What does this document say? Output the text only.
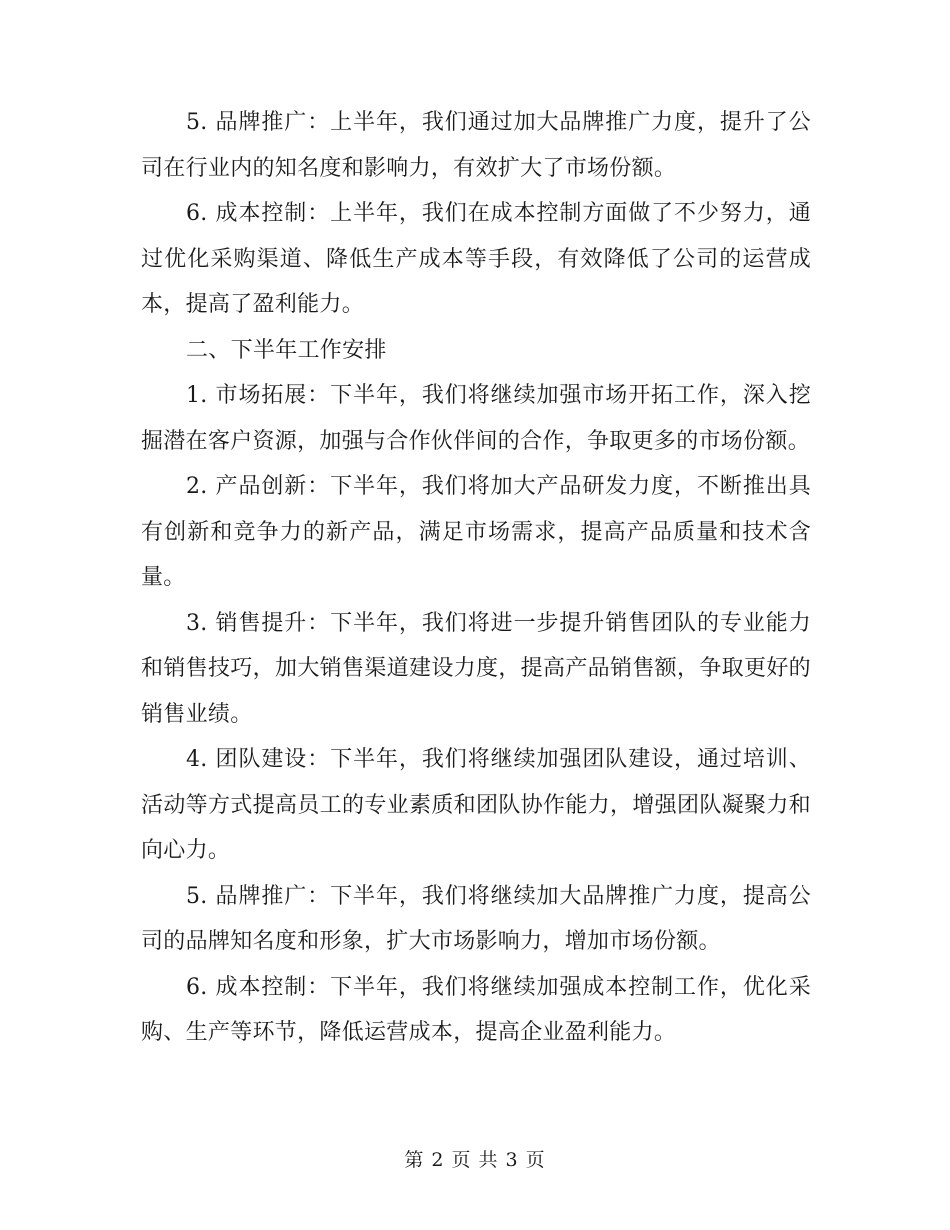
5. 品牌推广：上半年，我们通过加大品牌推广力度，提升了公司在行业内的知名度和影响力，有效扩大了市场份额。

6. 成本控制：上半年，我们在成本控制方面做了不少努力，通过优化采购渠道、降低生产成本等手段，有效降低了公司的运营成本，提高了盈利能力。

二、下半年工作安排

1. 市场拓展：下半年，我们将继续加强市场开拓工作，深入挖掘潜在客户资源，加强与合作伙伴间的合作，争取更多的市场份额。

2. 产品创新：下半年，我们将加大产品研发力度，不断推出具有创新和竞争力的新产品，满足市场需求，提高产品质量和技术含量。

3. 销售提升：下半年，我们将进一步提升销售团队的专业能力和销售技巧，加大销售渠道建设力度，提高产品销售额，争取更好的销售业绩。

4. 团队建设：下半年，我们将继续加强团队建设，通过培训、活动等方式提高员工的专业素质和团队协作能力，增强团队凝聚力和向心力。

5. 品牌推广：下半年，我们将继续加大品牌推广力度，提高公司的品牌知名度和形象，扩大市场影响力，增加市场份额。

6. 成本控制：下半年，我们将继续加强成本控制工作，优化采购、生产等环节，降低运营成本，提高企业盈利能力。

第 2 页 共 3 页
